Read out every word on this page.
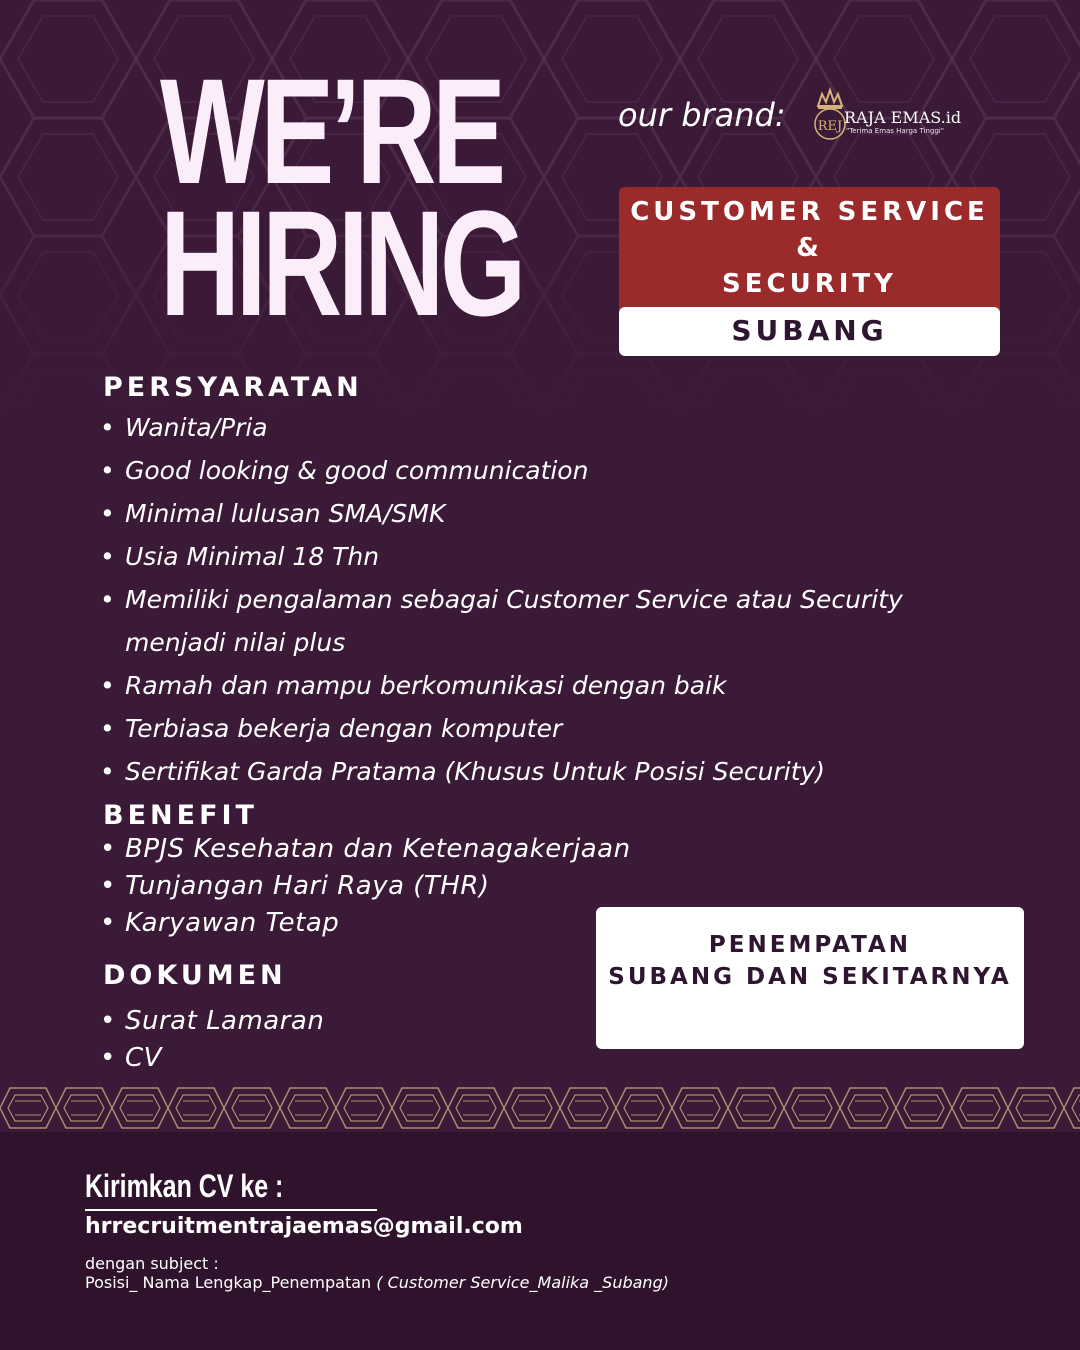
WE’RE
HIRING
our brand: REJ RAJA EMAS.id
"Terima Emas Harga Tinggi"
CUSTOMER SERVICE
&
SECURITY
SUBANG
PERSYARATAN
• Wanita/Pria
• Good looking & good communication
• Minimal lulusan SMA/SMK
• Usia Minimal 18 Thn
• Memiliki pengalaman sebagai Customer Service atau Security menjadi nilai plus
• Ramah dan mampu berkomunikasi dengan baik
• Terbiasa bekerja dengan komputer
• Sertifikat Garda Pratama (Khusus Untuk Posisi Security)
BENEFIT
• BPJS Kesehatan dan Ketenagakerjaan
• Tunjangan Hari Raya (THR)
• Karyawan Tetap
DOKUMEN
• Surat Lamaran
• CV
PENEMPATAN
SUBANG DAN SEKITARNYA
Kirimkan CV ke :
hrrecruitmentrajaemas@gmail.com
dengan subject :
Posisi_ Nama Lengkap_Penempatan ( Customer Service_Malika _Subang)
